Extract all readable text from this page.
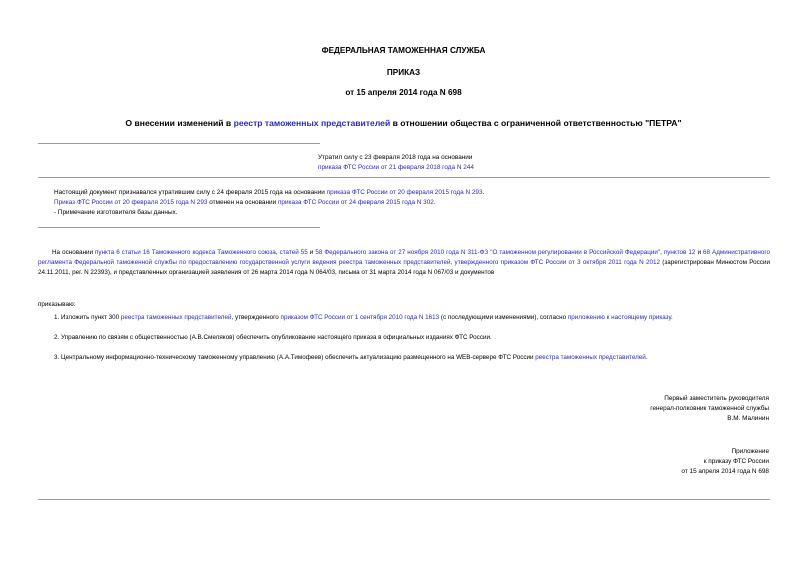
ФЕДЕРАЛЬНАЯ ТАМОЖЕННАЯ СЛУЖБА
ПРИКАЗ
от 15 апреля 2014 года N 698
О внесении изменений в реестр таможенных представителей в отношении общества с ограниченной ответственностью "ПЕТРА"
Утратил силу с 23 февраля 2018 года на основании
приказа ФТС России от 21 февраля 2018 года N 244
Настоящий документ признавался утратившим силу с 24 февраля 2015 года на основании приказа ФТС России от 20 февраля 2015 года N 293.
Приказ ФТС России от 20 февраля 2015 года N 293 отменен на основании приказа ФТС России от 24 февраля 2015 года N 302.
- Примечание изготовителя базы данных.
На основании пункта 6 статьи 16 Таможенного кодекса Таможенного союза, статей 55 и 58 Федерального закона от 27 ноября 2010 года N 311-ФЗ "О таможенном регулировании в Российской Федерации", пунктов 12 и 68 Административного регламента Федеральной таможенной службы по предоставлению государственной услуги ведения реестра таможенных представителей, утвержденного приказом ФТС России от 3 октября 2011 года N 2012 (зарегистрирован Минюстом России 24.11.2011, рег. N 22393), и представленных организацией заявления от 26 марта 2014 года N 064/03, письма от 31 марта 2014 года N 067/03 и документов
приказываю:
1. Изложить пункт 300 реестра таможенных представителей, утвержденного приказом ФТС России от 1 сентября 2010 года N 1613 (с последующими изменениями), согласно приложению к настоящему приказу.
2. Управлению по связям с общественностью (А.В.Смеляков) обеспечить опубликование настоящего приказа в официальных изданиях ФТС России.
3. Центральному информационно-техническому таможенному управлению (А.А.Тимофеев) обеспечить актуализацию размещенного на WEB-сервере ФТС России реестра таможенных представителей.
Первый заместитель руководителя
генерал-полковник таможенной службы
В.М. Малинин
Приложение
к приказу ФТС России
от 15 апреля 2014 года N 698
